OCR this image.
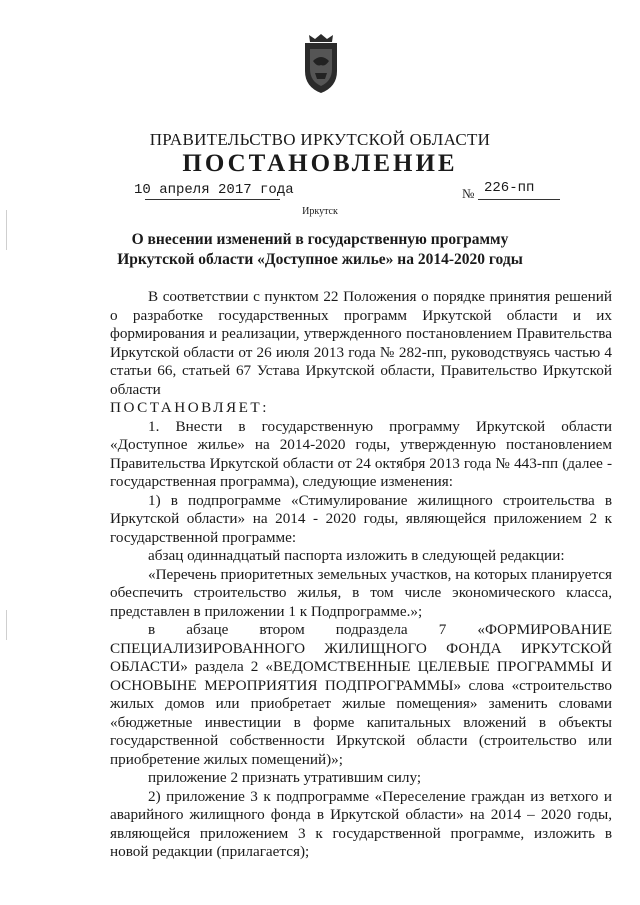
ПРАВИТЕЛЬСТВО ИРКУТСКОЙ ОБЛАСТИ
ПОСТАНОВЛЕНИЕ
10 апреля 2017 года	№ 226-пп
Иркутск
О внесении изменений в государственную программу Иркутской области «Доступное жилье» на 2014-2020 годы

В соответствии с пунктом 22 Положения о порядке принятия решений о разработке государственных программ Иркутской области и их формирования и реализации, утвержденного постановлением Правительства Иркутской области от 26 июля 2013 года № 282-пп, руководствуясь частью 4 статьи 66, статьей 67 Устава Иркутской области, Правительство Иркутской области

ПОСТАНОВЛЯЕТ:

1. Внести в государственную программу Иркутской области «Доступное жилье» на 2014-2020 годы, утвержденную постановлением Правительства Иркутской области от 24 октября 2013 года № 443-пп (далее - государственная программа), следующие изменения:

1) в подпрограмме «Стимулирование жилищного строительства в Иркутской области» на 2014 - 2020 годы, являющейся приложением 2 к государственной программе:

абзац одиннадцатый паспорта изложить в следующей редакции:

«Перечень приоритетных земельных участков, на которых планируется обеспечить строительство жилья, в том числе экономического класса, представлен в приложении 1 к Подпрограмме.»;

в абзаце втором подраздела 7 «ФОРМИРОВАНИЕ СПЕЦИАЛИЗИРОВАННОГО ЖИЛИЩНОГО ФОНДА ИРКУТСКОЙ ОБЛАСТИ» раздела 2 «ВЕДОМСТВЕННЫЕ ЦЕЛЕВЫЕ ПРОГРАММЫ И ОСНОВЫНЕ МЕРОПРИЯТИЯ ПОДПРОГРАММЫ» слова «строительство жилых домов или приобретает жилые помещения» заменить словами «бюджетные инвестиции в форме капитальных вложений в объекты государственной собственности Иркутской области (строительство или приобретение жилых помещений)»;

приложение 2 признать утратившим силу;

2) приложение 3 к подпрограмме «Переселение граждан из ветхого и аварийного жилищного фонда в Иркутской области» на 2014 – 2020 годы, являющейся приложением 3 к государственной программе, изложить в новой редакции (прилагается);
